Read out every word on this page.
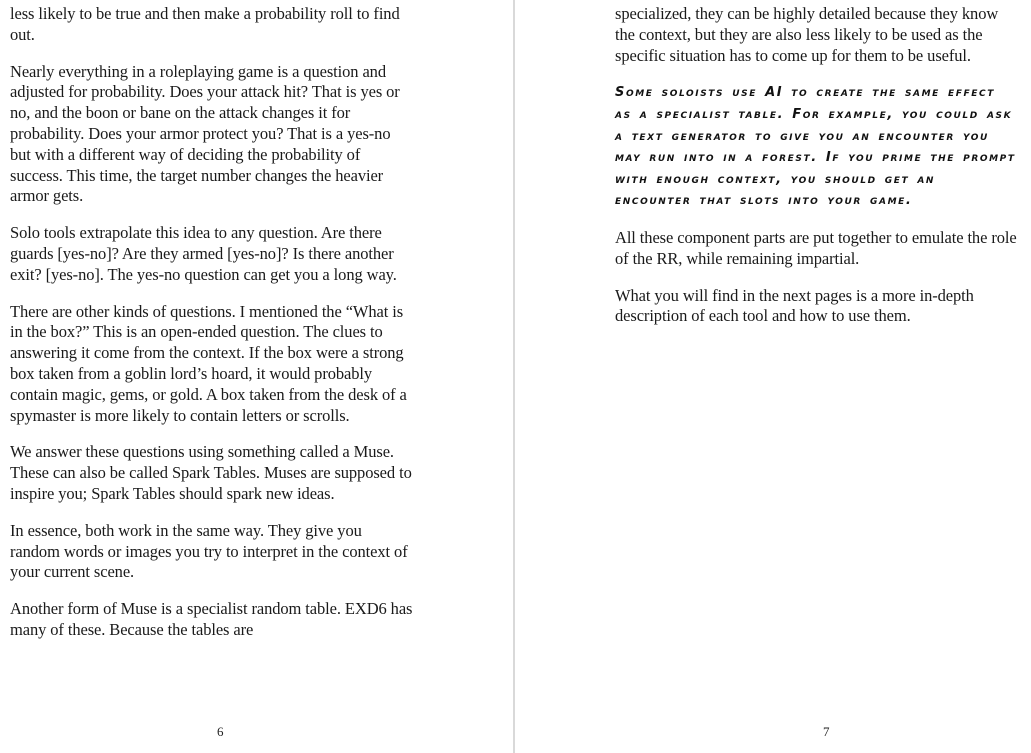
less likely to be true and then make a probability roll to find out.

Nearly everything in a roleplaying game is a question and adjusted for probability. Does your attack hit? That is yes or no, and the boon or bane on the attack changes it for probability. Does your armor protect you? That is a yes-no but with a different way of deciding the probability of success. This time, the target number changes the heavier armor gets.

Solo tools extrapolate this idea to any question. Are there guards [yes-no]? Are they armed [yes-no]? Is there another exit? [yes-no]. The yes-no question can get you a long way.

There are other kinds of questions. I mentioned the “What is in the box?” This is an open-ended question. The clues to answering it come from the context. If the box were a strong box taken from a goblin lord’s hoard, it would probably contain magic, gems, or gold. A box taken from the desk of a spymaster is more likely to contain letters or scrolls.

We answer these questions using something called a Muse. These can also be called Spark Tables. Muses are supposed to inspire you; Spark Tables should spark new ideas.

In essence, both work in the same way. They give you random words or images you try to interpret in the context of your current scene.

Another form of Muse is a specialist random table. EXD6 has many of these. Because the tables are

6

specialized, they can be highly detailed because they know the context, but they are also less likely to be used as the specific situation has to come up for them to be useful.

Some soloists use AI to create the same effect as a specialist table. For example, you could ask a text generator to give you an encounter you may run into in a forest. If you prime the prompt with enough context, you should get an encounter that slots into your game.

All these component parts are put together to emulate the role of the RR, while remaining impartial.

What you will find in the next pages is a more in-depth description of each tool and how to use them.

7
